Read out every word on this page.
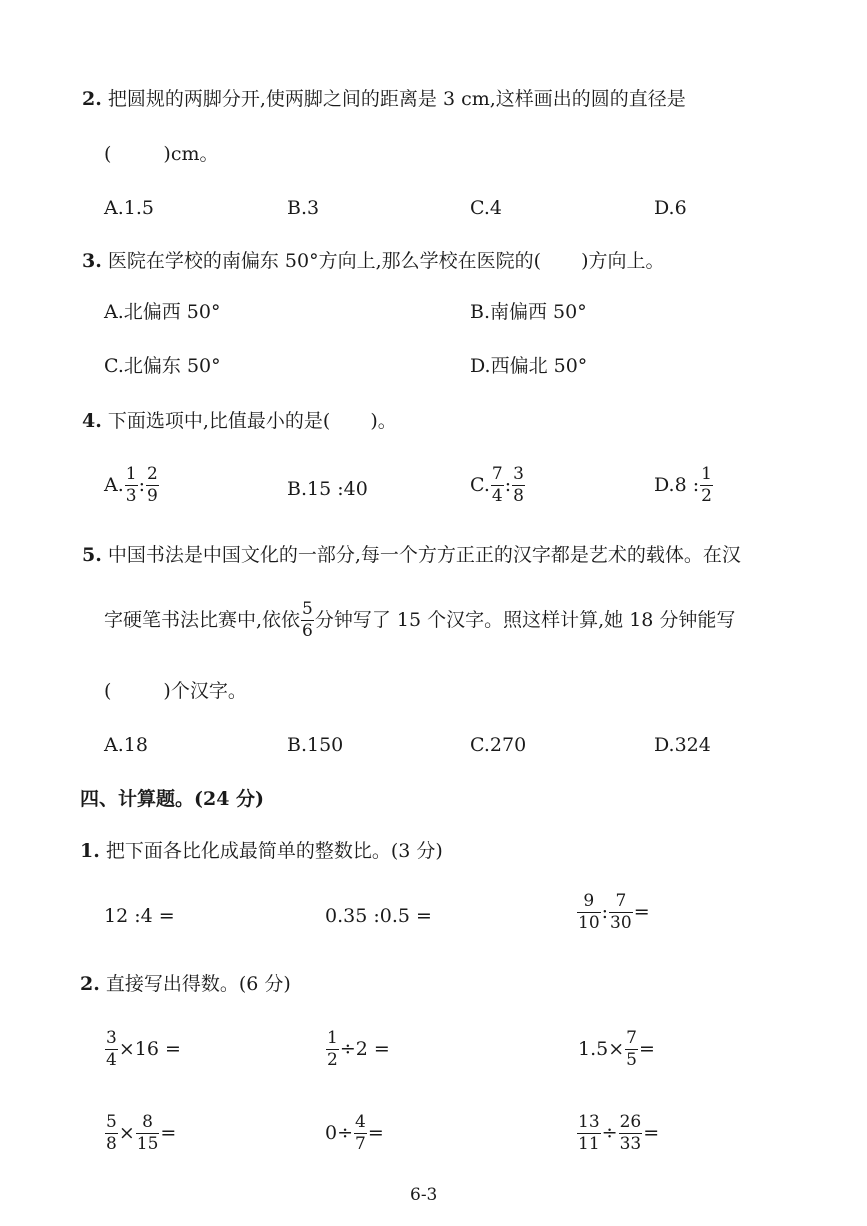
2. 把圆规的两脚分开,使两脚之间的距离是 3 cm,这样画出的圆的直径是
(	)cm。
A.1.5	B.3	C.4	D.6
3. 医院在学校的南偏东 50°方向上,那么学校在医院的( )方向上。
A.北偏西 50°	B.南偏西 50°
C.北偏东 50°	D.西偏北 50°
4. 下面选项中,比值最小的是( )。
A. $\frac{1}{3}$ : $\frac{2}{9}$	B.15 :40	C. $\frac{7}{4}$ : $\frac{3}{8}$	D.8 : $\frac{1}{2}$
5. 中国书法是中国文化的一部分,每一个方方正正的汉字都是艺术的载体。在汉
字硬笔书法比赛中,依依 $\frac{5}{6}$ 分钟写了 15 个汉字。照这样计算,她 18 分钟能写
(	)个汉字。
A.18	B.150	C.270	D.324
四、计算题。(24 分)
1. 把下面各比化成最简单的整数比。(3 分)
12 :4 =	0.35 :0.5 =	$\frac{9}{10}$ : $\frac{7}{30}$ =
2. 直接写出得数。(6 分)
$\frac{3}{4} \times 16$ =	$\frac{1}{2} \div 2$ =	$1.5\times \frac{7}{5}$ =
$\frac{5}{8} \times \frac{8}{15}$ =	$0\div \frac{4}{7}$ =	$\frac{13}{11} \div \frac{26}{33}$ =
6-3
